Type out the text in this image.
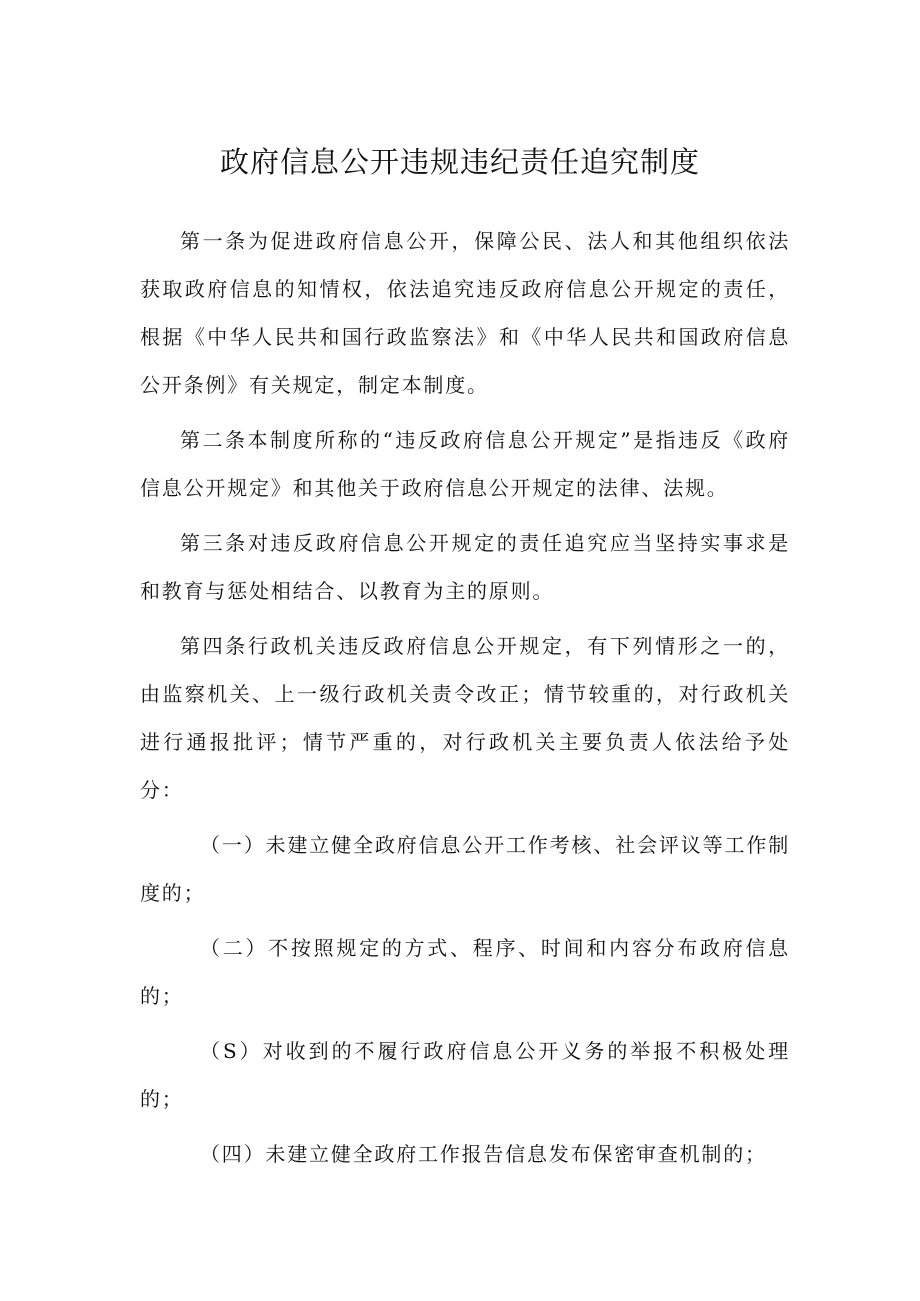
政府信息公开违规违纪责任追究制度

第一条为促进政府信息公开，保障公民、法人和其他组织依法获取政府信息的知情权，依法追究违反政府信息公开规定的责任，根据《中华人民共和国行政监察法》和《中华人民共和国政府信息公开条例》有关规定，制定本制度。

第二条本制度所称的“违反政府信息公开规定”是指违反《政府信息公开规定》和其他关于政府信息公开规定的法律、法规。

第三条对违反政府信息公开规定的责任追究应当坚持实事求是和教育与惩处相结合、以教育为主的原则。

第四条行政机关违反政府信息公开规定，有下列情形之一的，由监察机关、上一级行政机关责令改正；情节较重的，对行政机关进行通报批评；情节严重的，对行政机关主要负责人依法给予处分：

（一）未建立健全政府信息公开工作考核、社会评议等工作制度的；

（二）不按照规定的方式、程序、时间和内容分布政府信息的；

（S）对收到的不履行政府信息公开义务的举报不积极处理的；

（四）未建立健全政府工作报告信息发布保密审查机制的；
